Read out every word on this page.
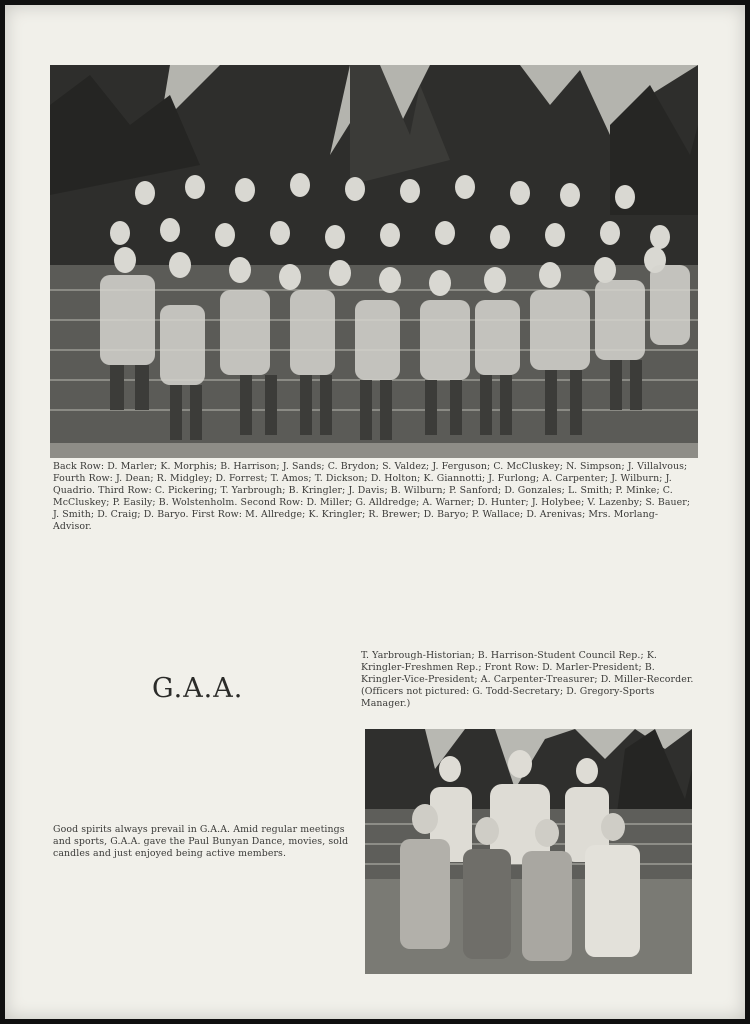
Back Row: D. Marler; K. Morphis; B. Harrison; J. Sands; C. Brydon; S. Valdez; J. Ferguson; C. McCluskey; N. Simpson; J. Villalvous; Fourth Row: J. Dean; R. Midgley; D. Forrest; T. Amos; T. Dickson; D. Holton; K. Giannotti; J. Furlong; A. Carpenter; J. Wilburn; J. Quadrio. Third Row: C. Pickering; T. Yarbrough; B. Kringler; J. Davis; B. Wilburn; P. Sanford; D. Gonzales; L. Smith; P. Minke; C. McCluskey; P. Easily; B. Wolstenholm. Second Row: D. Miller; G. Alldredge; A. Warner; D. Hunter; J. Holybee; V. Lazenby; S. Bauer; J. Smith; D. Craig; D. Baryo. First Row: M. Allredge; K. Kringler; R. Brewer; D. Baryo; P. Wallace; D. Arenivas; Mrs. Morlang-Advisor.

T. Yarbrough-Historian; B. Harrison-Student Council Rep.; K. Kringler-Freshmen Rep.; Front Row: D. Marler-President; B. Kringler-Vice-President; A. Carpenter-Treasurer; D. Miller-Recorder. (Officers not pictured: G. Todd-Secretary; D. Gregory-Sports Manager.)

G.A.A.

Good spirits always prevail in G.A.A. Amid regular meetings and sports, G.A.A. gave the Paul Bunyan Dance, movies, sold candles and just enjoyed being active members.
